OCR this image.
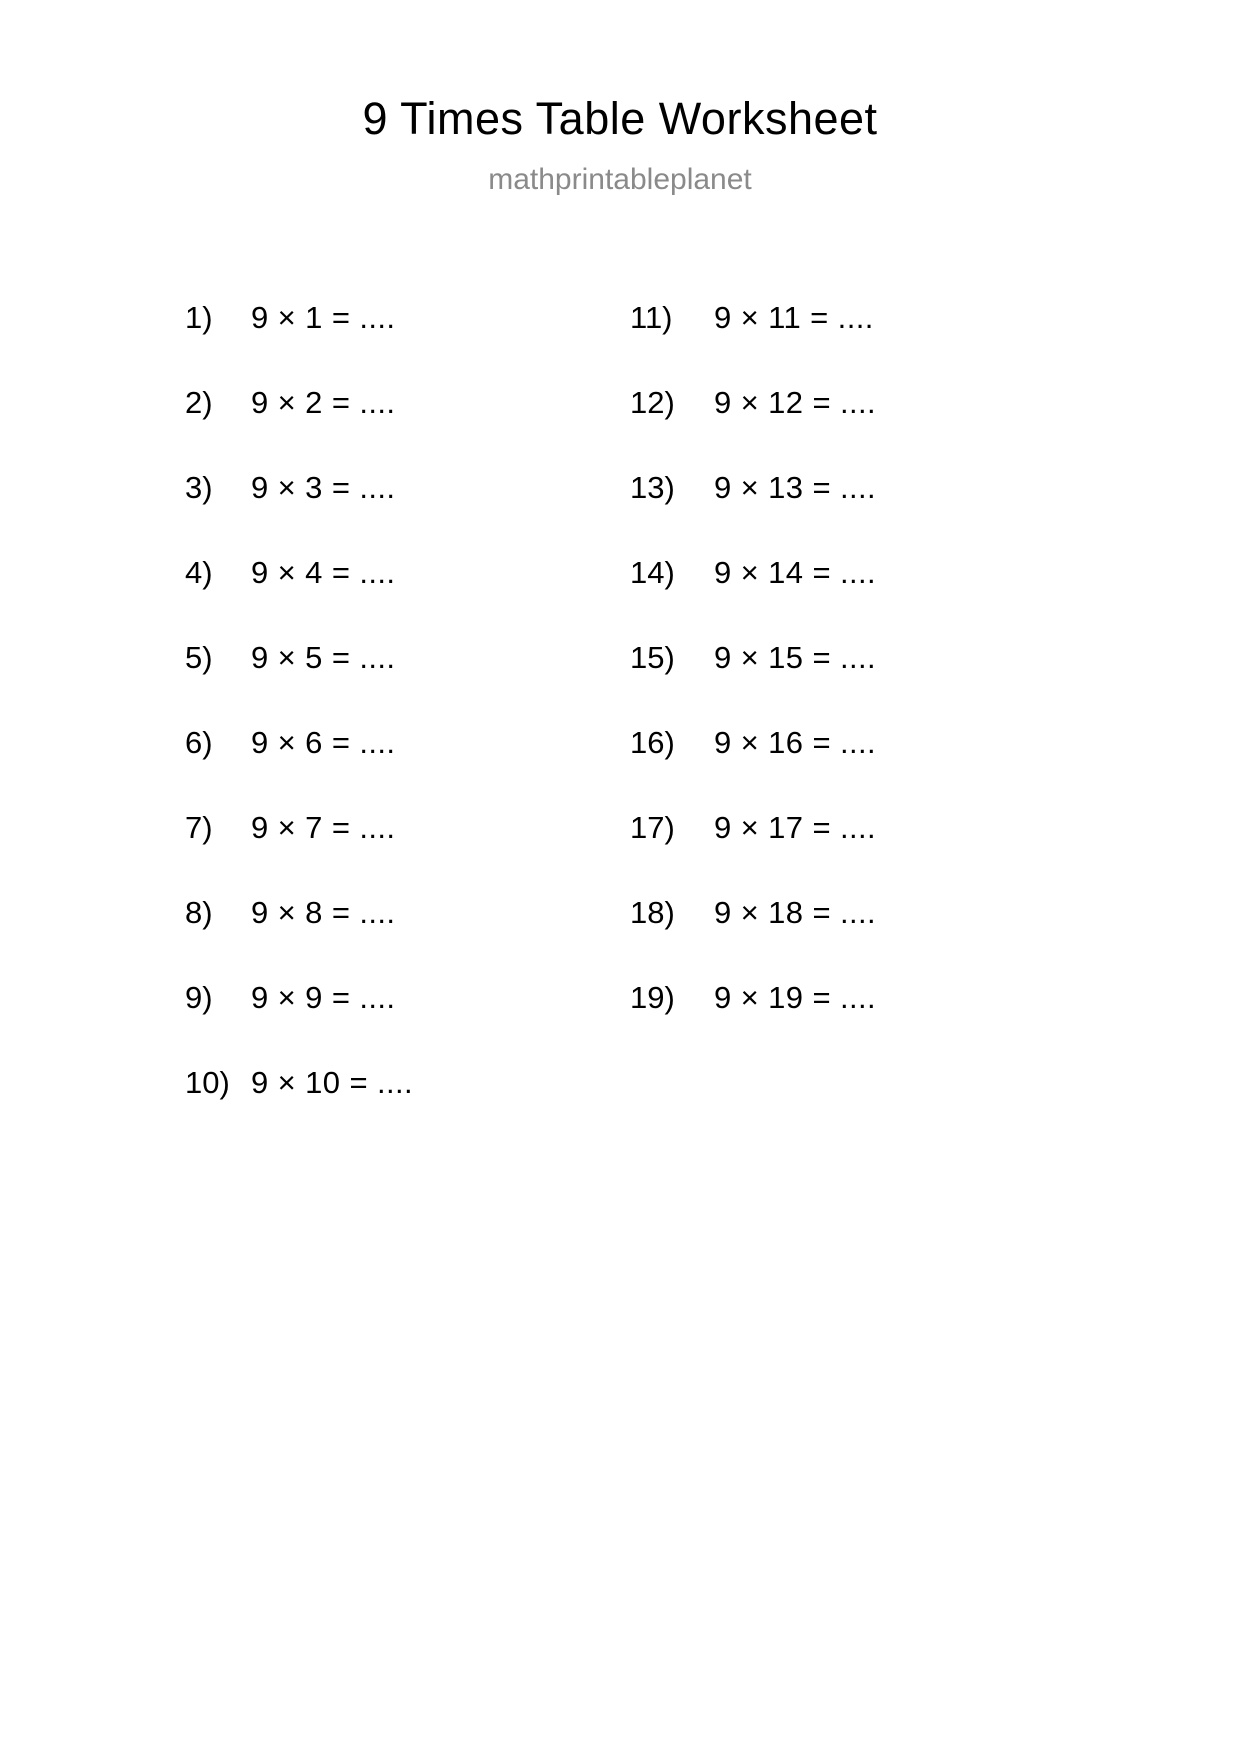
9 Times Table Worksheet
mathprintableplanet
1)	9 × 1 = ....
2)	9 × 2 = ....
3)	9 × 3 = ....
4)	9 × 4 = ....
5)	9 × 5 = ....
6)	9 × 6 = ....
7)	9 × 7 = ....
8)	9 × 8 = ....
9)	9 × 9 = ....
10) 9 × 10 = ....
11)	9 × 11 = ....
12)	9 × 12 = ....
13)	9 × 13 = ....
14)	9 × 14 = ....
15)	9 × 15 = ....
16)	9 × 16 = ....
17)	9 × 17 = ....
18)	9 × 18 = ....
19)	9 × 19 = ....
